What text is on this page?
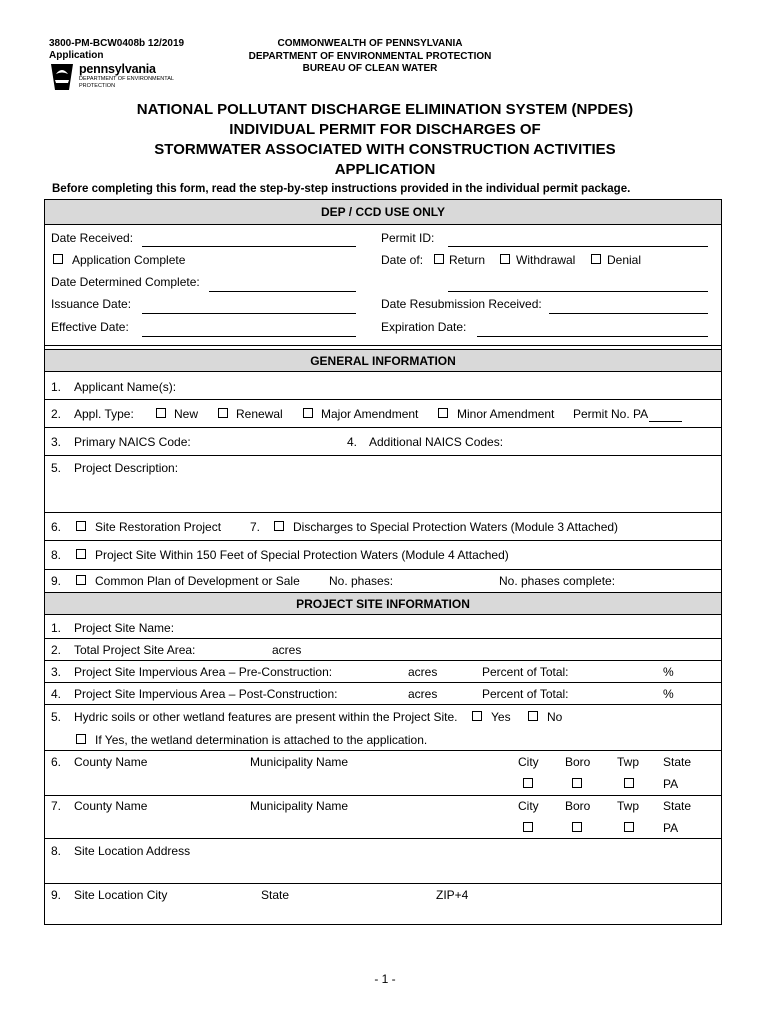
3800-PM-BCW0408b 12/2019
Application
pennsylvania
DEPARTMENT OF ENVIRONMENTAL
PROTECTION
COMMONWEALTH OF PENNSYLVANIA
DEPARTMENT OF ENVIRONMENTAL PROTECTION
BUREAU OF CLEAN WATER
NATIONAL POLLUTANT DISCHARGE ELIMINATION SYSTEM (NPDES)
INDIVIDUAL PERMIT FOR DISCHARGES OF
STORMWATER ASSOCIATED WITH CONSTRUCTION ACTIVITIES
APPLICATION
Before completing this form, read the step-by-step instructions provided in the individual permit package.
DEP / CCD USE ONLY
Date Received:	Permit ID:
Application Complete	Date of: Return	Withdrawal	Denial
Date Determined Complete:
Issuance Date:	Date Resubmission Received:
Effective Date:	Expiration Date:
GENERAL INFORMATION
1. Applicant Name(s):
2. Appl. Type:	New	Renewal	Major Amendment	Minor Amendment Permit No. PA
3. Primary NAICS Code:	4. Additional NAICS Codes:
5. Project Description:
6.	Site Restoration Project 7.	Discharges to Special Protection Waters (Module 3 Attached)
8.	Project Site Within 150 Feet of Special Protection Waters (Module 4 Attached)
9.	Common Plan of Development or Sale No. phases:	No. phases complete:
PROJECT SITE INFORMATION
1. Project Site Name:
2. Total Project Site Area:	acres
3. Project Site Impervious Area – Pre-Construction:	acres	Percent of Total:	%
4. Project Site Impervious Area – Post-Construction:	acres	Percent of Total:	%
5. Hydric soils or other wetland features are present within the Project Site.	Yes	No
If Yes, the wetland determination is attached to the application.
6. County Name	Municipality Name	City Boro Twp State
PA
7. County Name	Municipality Name	City Boro Twp State
PA
8. Site Location Address
9. Site Location City	State	ZIP+4
- 1 -
